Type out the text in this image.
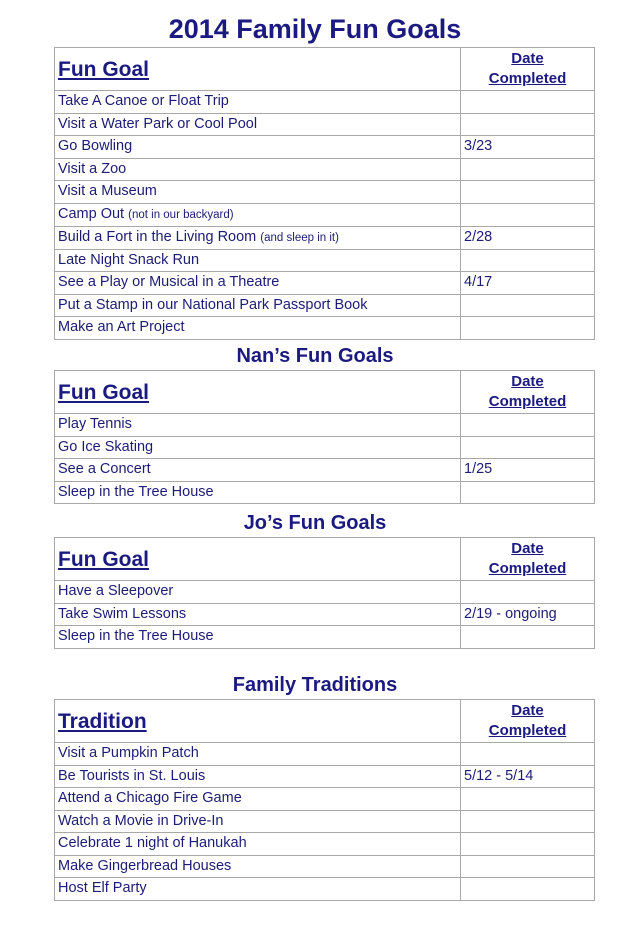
2014 Family Fun Goals
Fun Goal	Date
Completed
Take A Canoe or Float Trip	
Visit a Water Park or Cool Pool	
Go Bowling	3/23
Visit a Zoo	
Visit a Museum	
Camp Out (not in our backyard)	
Build a Fort in the Living Room (and sleep in it)	2/28
Late Night Snack Run	
See a Play or Musical in a Theatre	4/17
Put a Stamp in our National Park Passport Book	
Make an Art Project	
Nan’s Fun Goals
Fun Goal	Date
Completed
Play Tennis	
Go Ice Skating	
See a Concert	1/25
Sleep in the Tree House	
Jo’s Fun Goals
Fun Goal	Date
Completed
Have a Sleepover	
Take Swim Lessons	2/19 - ongoing
Sleep in the Tree House	
Family Traditions
Tradition	Date
Completed
Visit a Pumpkin Patch	
Be Tourists in St. Louis	5/12 - 5/14
Attend a Chicago Fire Game	
Watch a Movie in Drive-In	
Celebrate 1 night of Hanukah	
Make Gingerbread Houses	
Host Elf Party	
